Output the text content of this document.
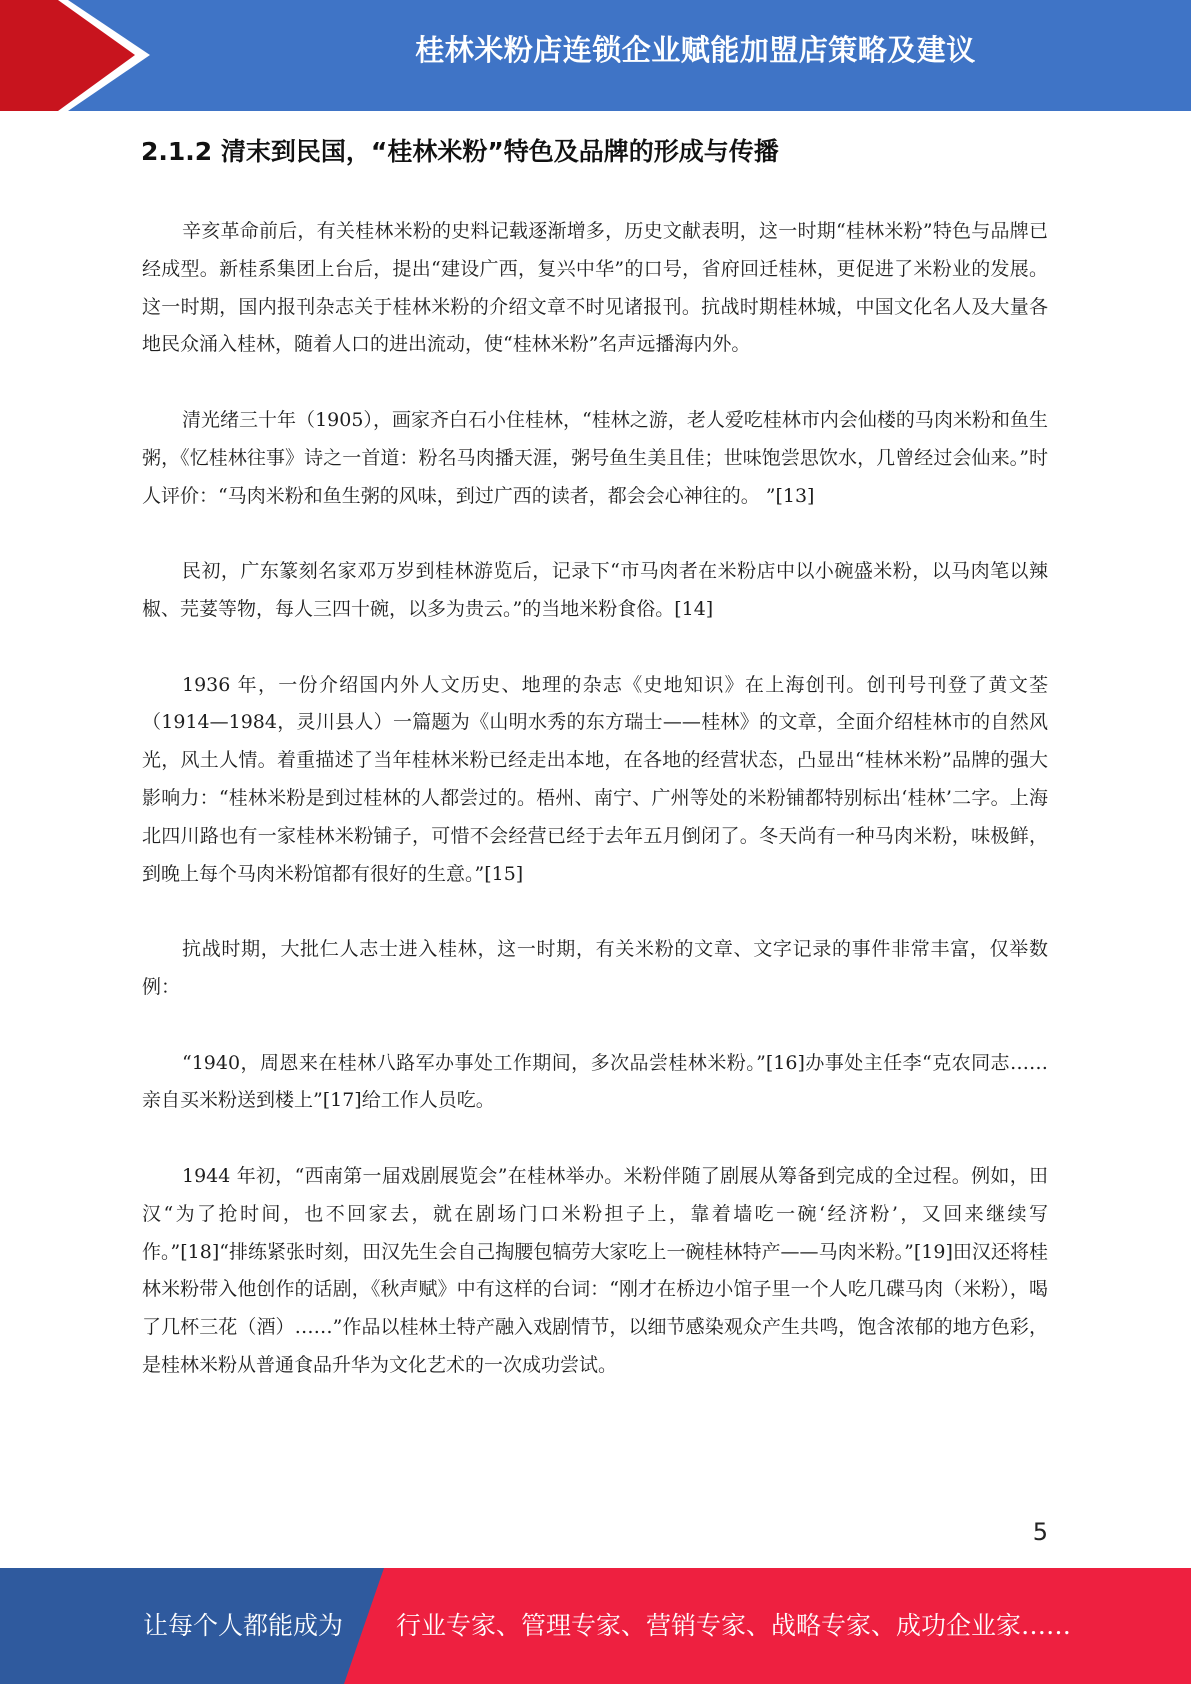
桂林米粉店连锁企业赋能加盟店策略及建议
2.1.2 清末到民国，“桂林米粉”特色及品牌的形成与传播

辛亥革命前后，有关桂林米粉的史料记载逐渐增多，历史文献表明，这一时期“桂林米粉”特色与品牌已经成型。新桂系集团上台后，提出“建设广西，复兴中华”的口号，省府回迁桂林，更促进了米粉业的发展。这一时期，国内报刊杂志关于桂林米粉的介绍文章不时见诸报刊。抗战时期桂林城，中国文化名人及大量各地民众涌入桂林，随着人口的进出流动，使“桂林米粉”名声远播海内外。

清光绪三十年（1905），画家齐白石小住桂林，“桂林之游，老人爱吃桂林市内会仙楼的马肉米粉和鱼生粥，《忆桂林往事》诗之一首道：粉名马肉播天涯，粥号鱼生美且佳；世味饱尝思饮水，几曾经过会仙来。”时人评价：“马肉米粉和鱼生粥的风味，到过广西的读者，都会会心神往的。 ”[13]

民初，广东篆刻名家邓万岁到桂林游览后，记录下“市马肉者在米粉店中以小碗盛米粉，以马肉笔以辣椒、芫荽等物，每人三四十碗，以多为贵云。”的当地米粉食俗。[14]

1936 年，一份介绍国内外人文历史、地理的杂志《史地知识》在上海创刊。创刊号刊登了黄文荃（1914—1984，灵川县人）一篇题为《山明水秀的东方瑞士——桂林》的文章，全面介绍桂林市的自然风光，风土人情。着重描述了当年桂林米粉已经走出本地，在各地的经营状态，凸显出“桂林米粉”品牌的强大影响力：“桂林米粉是到过桂林的人都尝过的。梧州、南宁、广州等处的米粉铺都特别标出‘桂林’二字。上海北四川路也有一家桂林米粉铺子，可惜不会经营已经于去年五月倒闭了。冬天尚有一种马肉米粉，味极鲜，到晚上每个马肉米粉馆都有很好的生意。”[15]

抗战时期，大批仁人志士进入桂林，这一时期，有关米粉的文章、文字记录的事件非常丰富，仅举数例：

“1940，周恩来在桂林八路军办事处工作期间，多次品尝桂林米粉。”[16]办事处主任李“克农同志……亲自买米粉送到楼上”[17]给工作人员吃。

1944 年初，“西南第一届戏剧展览会”在桂林举办。米粉伴随了剧展从筹备到完成的全过程。例如，田汉“为了抢时间，也不回家去，就在剧场门口米粉担子上，靠着墙吃一碗‘经济粉’，又回来继续写作。”[18]“排练紧张时刻，田汉先生会自己掏腰包犒劳大家吃上一碗桂林特产——马肉米粉。”[19]田汉还将桂林米粉带入他创作的话剧，《秋声赋》中有这样的台词：“刚才在桥边小馆子里一个人吃几碟马肉（米粉），喝了几杯三花（酒）……”作品以桂林土特产融入戏剧情节，以细节感染观众产生共鸣，饱含浓郁的地方色彩，是桂林米粉从普通食品升华为文化艺术的一次成功尝试。

5
让每个人都能成为 行业专家、管理专家、营销专家、战略专家、成功企业家……
